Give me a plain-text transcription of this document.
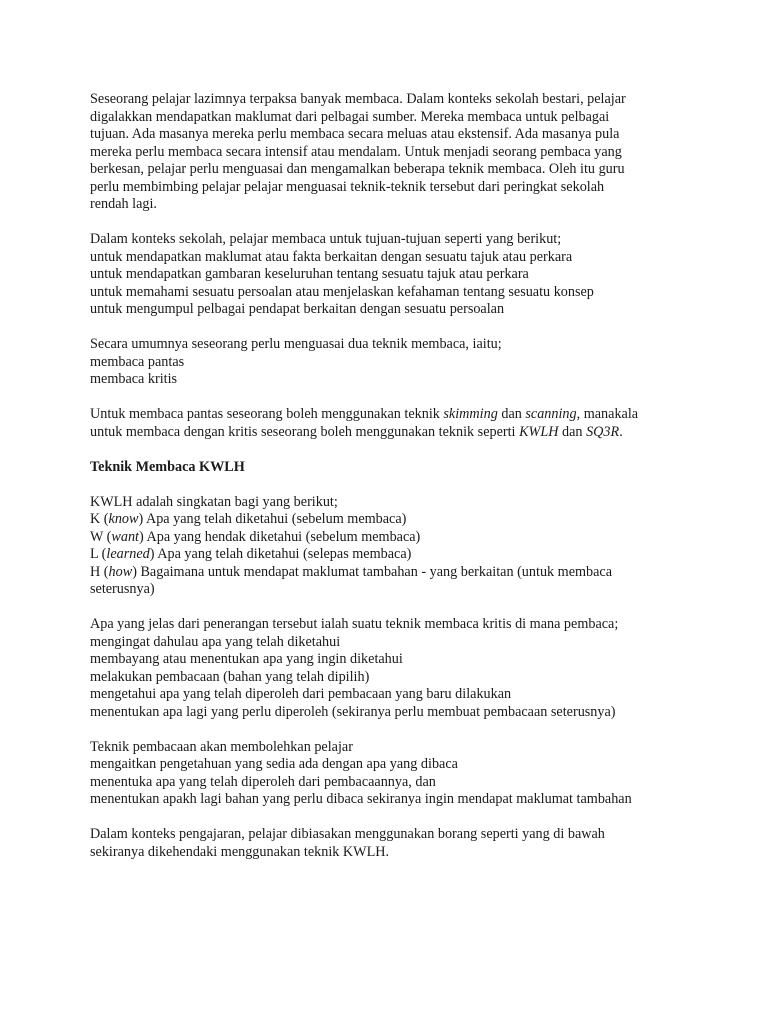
Seseorang pelajar lazimnya terpaksa banyak membaca. Dalam konteks sekolah bestari, pelajar
digalakkan mendapatkan maklumat dari pelbagai sumber. Mereka membaca untuk pelbagai
tujuan. Ada masanya mereka perlu membaca secara meluas atau ekstensif. Ada masanya pula
mereka perlu membaca secara intensif atau mendalam. Untuk menjadi seorang pembaca yang
berkesan, pelajar perlu menguasai dan mengamalkan beberapa teknik membaca. Oleh itu guru
perlu membimbing pelajar pelajar menguasai teknik-teknik tersebut dari peringkat sekolah
rendah lagi.
Dalam konteks sekolah, pelajar membaca untuk tujuan-tujuan seperti yang berikut;
untuk mendapatkan maklumat atau fakta berkaitan dengan sesuatu tajuk atau perkara
untuk mendapatkan gambaran keseluruhan tentang sesuatu tajuk atau perkara
untuk memahami sesuatu persoalan atau menjelaskan kefahaman tentang sesuatu konsep
untuk mengumpul pelbagai pendapat berkaitan dengan sesuatu persoalan
Secara umumnya seseorang perlu menguasai dua teknik membaca, iaitu;
membaca pantas
membaca kritis
Untuk membaca pantas seseorang boleh menggunakan teknik skimming dan scanning, manakala
untuk membaca dengan kritis seseorang boleh menggunakan teknik seperti KWLH dan SQ3R.
Teknik Membaca KWLH
KWLH adalah singkatan bagi yang berikut;
K (know) Apa yang telah diketahui (sebelum membaca)
W (want) Apa yang hendak diketahui (sebelum membaca)
L (learned) Apa yang telah diketahui (selepas membaca)
H (how) Bagaimana untuk mendapat maklumat tambahan - yang berkaitan (untuk membaca
seterusnya)
Apa yang jelas dari penerangan tersebut ialah suatu teknik membaca kritis di mana pembaca;
mengingat dahulau apa yang telah diketahui
membayang atau menentukan apa yang ingin diketahui
melakukan pembacaan (bahan yang telah dipilih)
mengetahui apa yang telah diperoleh dari pembacaan yang baru dilakukan
menentukan apa lagi yang perlu diperoleh (sekiranya perlu membuat pembacaan seterusnya)
Teknik pembacaan akan membolehkan pelajar
mengaitkan pengetahuan yang sedia ada dengan apa yang dibaca
menentuka apa yang telah diperoleh dari pembacaannya, dan
menentukan apakh lagi bahan yang perlu dibaca sekiranya ingin mendapat maklumat tambahan
Dalam konteks pengajaran, pelajar dibiasakan menggunakan borang seperti yang di bawah
sekiranya dikehendaki menggunakan teknik KWLH.
